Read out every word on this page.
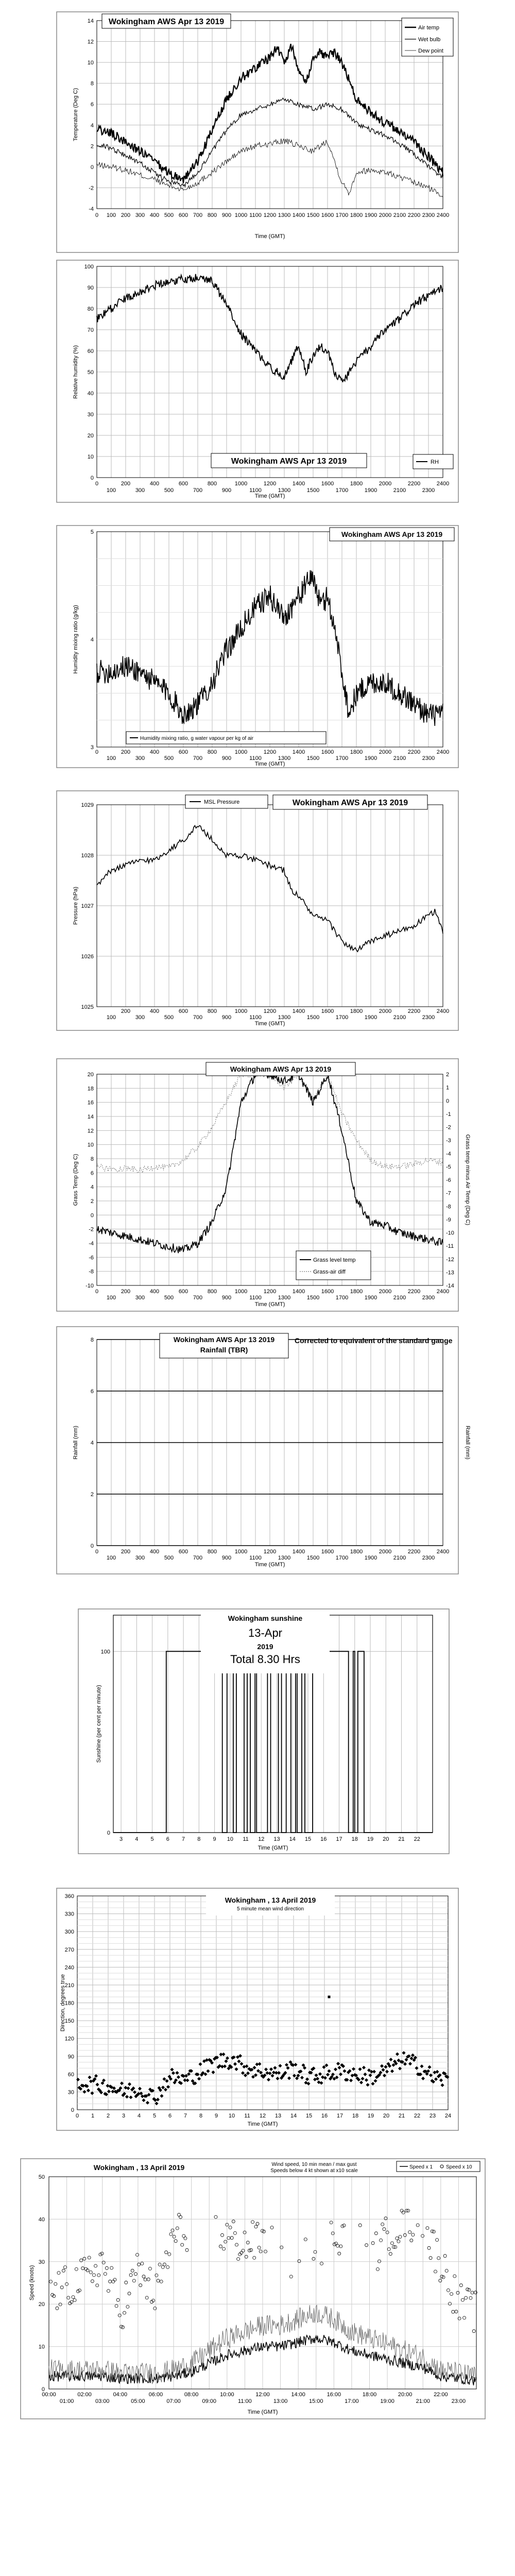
-4
-2
0
2
4
6
8
10
12
14
0 100 200 300 400 500 600 700 800 900 1000 1100 1200 1300 1400 1500 1600 1700 1800 1900 2000 2100 2200 2300 2400
Time (GMT)
Temperature (Deg C)
Wokingham AWS Apr 13 2019
Air temp
Wet bulb
Dew point
0
10
20
30
40
50
60
70
80
90
100
0
100
200
300
400
500
600
700
800
900
1000
1100
1200
1300
1400
1500
1600
1700
1800
1900
2000
2100
2200
2300
2400
Time (GMT)
Relative humidity (%)
Wokingham AWS Apr 13 2019	RH
3
4
5
0
100
200
300
400
500
600
700
800
900
1000
1100
1200
1300
1400
1500
1600
1700
1800
1900
2000
2100
2200
2300
2400
Time (GMT)
Humidity mixing ratio (g/kg)
Wokingham AWS Apr 13 2019
Humidity mixing ratio, g water vapour per kg of air
1025
1026
1027
1028
1029
100
200
300
400
500
600
700
800
900
1000
1100
1200
1300
1400
1500
1600
1700
1800
1900
2000
2100
2200
2300
2400
Time (GMT)
Pressure (hPa)
MSL Pressure	Wokingham AWS Apr 13 2019
-10
-8
-6
-4
-2
0
2
4
6
8
10
12
14
16
18
20
-14
-13
-12
-11
-10
-9
-8
-7
-6
-5
-4
-3
-2
-1
0
1
2
0
100
200
300
400
500
600
700
800
900
1000
1100
1200
1300
1400
1500
1600
1700
1800
1900
2000
2100
2200
2300
2400
Time (GMT)
Grass Temp (Deg C)	Grass temp minus Air Temp (Deg C)
Wokingham AWS Apr 13 2019
Grass level temp
Grass-air diff
0
2
4
6
8
0
100
200
300
400
500
600
700
800
900
1000
1100
1200
1300
1400
1500
1600
1700
1800
1900
2000
2100
2200
2300
2400
Time (GMT)
Rainfall (mm)	Rainfall (mm)
Wokingham AWS Apr 13 2019
Rainfall (TBR)
Corrected to equivalent of the standard gauge
0
100
3 4 5 6 7 8 9 10 11 12 13 14 15 16 17 18 19 20 21 22
Time (GMT)
Sunshine (per cent per minute)
Wokingham sunshine
13-Apr
2019
Total 8.30 Hrs
0
30
60
90
120
150
180
210
240
270
300
330
360
0 1 2 3 4 5 6 7 8 9 10 11 12 13 14 15 16 17 18 19 20 21 22 23 24
Time (GMT)
Direction, degrees true
Wokingham , 13 April 2019
5 minute mean wind direction
0
10
20
30
40
50
00:00	02:00	04:00	06:00	08:00	10:00	12:00	14:00	16:00	18:00	20:00	22:00
01:00	03:00	05:00	07:00	09:00	11:00	13:00	15:00	17:00	19:00	21:00	23:00
Time (GMT)
Speed (knots)
Wokingham , 13 April 2019	Wind speed, 10 min mean / max gust
Speeds below 4 kt shown at x10 scale
Speed x 1	Speed x 10
